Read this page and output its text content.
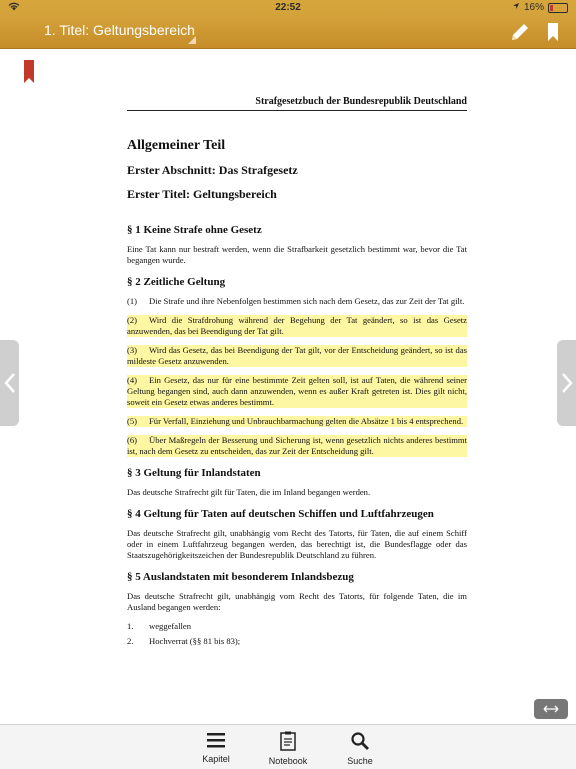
22:52	16%
1. Titel: Geltungsbereich
Strafgesetzbuch der Bundesrepublik Deutschland
Allgemeiner Teil
Erster Abschnitt: Das Strafgesetz
Erster Titel: Geltungsbereich
§ 1 Keine Strafe ohne Gesetz

Eine Tat kann nur bestraft werden, wenn die Strafbarkeit gesetzlich bestimmt war, bevor die Tat begangen wurde.

§ 2 Zeitliche Geltung

(1) Die Strafe und ihre Nebenfolgen bestimmen sich nach dem Gesetz, das zur Zeit der Tat gilt.

(2) Wird die Strafdrohung während der Begehung der Tat geändert, so ist das Gesetz anzuwenden, das bei Beendigung der Tat gilt.

(3) Wird das Gesetz, das bei Beendigung der Tat gilt, vor der Entscheidung geändert, so ist das mildeste Gesetz anzuwenden.

(4) Ein Gesetz, das nur für eine bestimmte Zeit gelten soll, ist auf Taten, die während seiner Geltung begangen sind, auch dann anzuwenden, wenn es außer Kraft getreten ist. Dies gilt nicht, soweit ein Gesetz etwas anderes bestimmt.

(5) Für Verfall, Einziehung und Unbrauchbarmachung gelten die Absätze 1 bis 4 entsprechend.

(6) Über Maßregeln der Besserung und Sicherung ist, wenn gesetzlich nichts anderes bestimmt ist, nach dem Gesetz zu entscheiden, das zur Zeit der Entscheidung gilt.

§ 3 Geltung für Inlandstaten

Das deutsche Strafrecht gilt für Taten, die im Inland begangen werden.

§ 4 Geltung für Taten auf deutschen Schiffen und Luftfahrzeugen

Das deutsche Strafrecht gilt, unabhängig vom Recht des Tatorts, für Taten, die auf einem Schiff oder in einem Luftfahrzeug begangen werden, das berechtigt ist, die Bundesflagge oder das Staatszugehörigkeitszeichen der Bundesrepublik Deutschland zu führen.

§ 5 Auslandstaten mit besonderem Inlandsbezug

Das deutsche Strafrecht gilt, unabhängig vom Recht des Tatorts, für folgende Taten, die im Ausland begangen werden:

1. weggefallen
2. Hochverrat (§§ 81 bis 83);
Kapitel	Notebook	Suche
